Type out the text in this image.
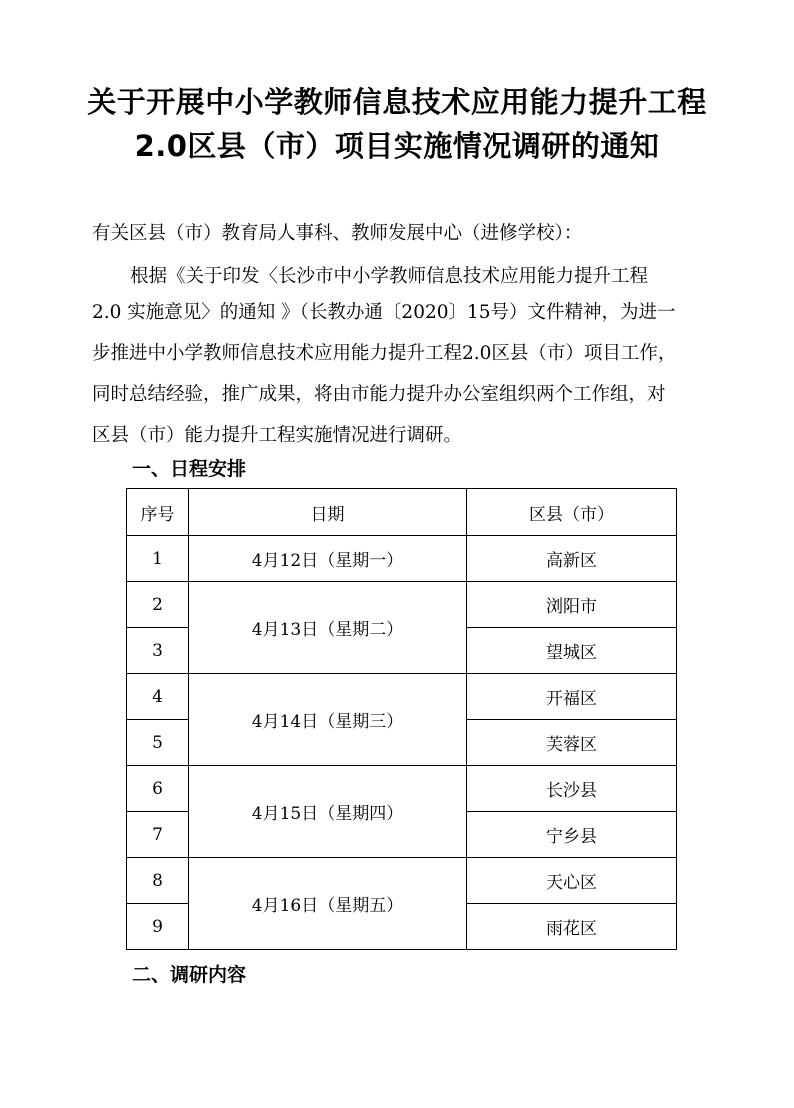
关于开展中小学教师信息技术应用能力提升工程
2.0区县（市）项目实施情况调研的通知
有关区县（市）教育局人事科、教师发展中心（进修学校）：
根据《关于印发〈长沙市中小学教师信息技术应用能力提升工程
2.0 实施意见〉的通知 》（长教办通〔2020〕15号）文件精神，为进一
步推进中小学教师信息技术应用能力提升工程2.0区县（市）项目工作，
同时总结经验，推广成果，将由市能力提升办公室组织两个工作组，对
区县（市）能力提升工程实施情况进行调研。
一、日程安排
序号	日期	区县（市）
1	4月12日（星期一）	高新区
2	4月13日（星期二）	浏阳市
3		望城区
4	4月14日（星期三）	开福区
5		芙蓉区
6	4月15日（星期四）	长沙县
7		宁乡县
8	4月16日（星期五）	天心区
9		雨花区
二、调研内容
